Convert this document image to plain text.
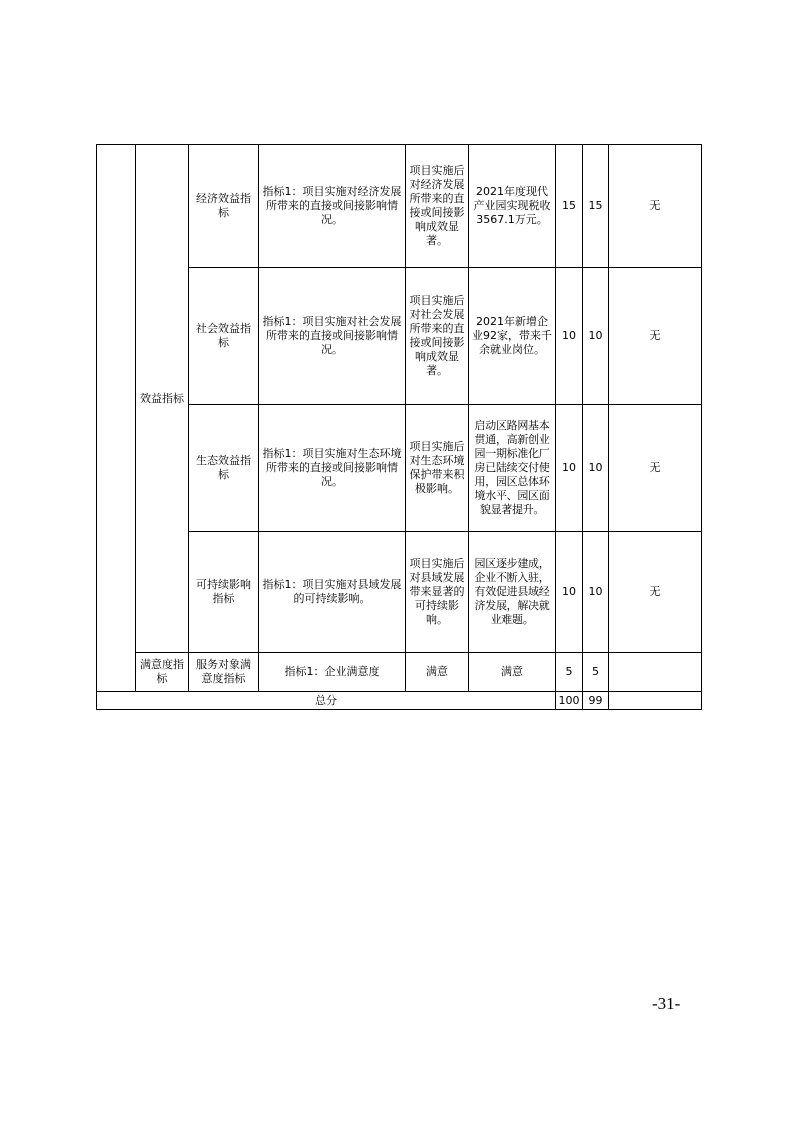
	效益指标	经济效益指标	指标1：项目实施对经济发展所带来的直接或间接影响情况。	项目实施后对经济发展所带来的直接或间接影响成效显著。	2021年度现代产业园实现税收3567.1万元。	15	15	无
		社会效益指标	指标1：项目实施对社会发展所带来的直接或间接影响情况。	项目实施后对社会发展所带来的直接或间接影响成效显著。	2021年新增企业92家，带来千余就业岗位。	10	10	无
		生态效益指标	指标1：项目实施对生态环境所带来的直接或间接影响情况。	项目实施后对生态环境保护带来积极影响。	启动区路网基本贯通，高新创业园一期标准化厂房已陆续交付使用，园区总体环境水平、园区面貌显著提升。	10	10	无
		可持续影响指标	指标1：项目实施对县域发展的可持续影响。	项目实施后对县域发展带来显著的可持续影响。	园区逐步建成，企业不断入驻，有效促进县域经济发展，解决就业难题。	10	10	无
	满意度指标	服务对象满意度指标	指标1：企业满意度	满意	满意	5	5	
总分						100	99	
-31-
